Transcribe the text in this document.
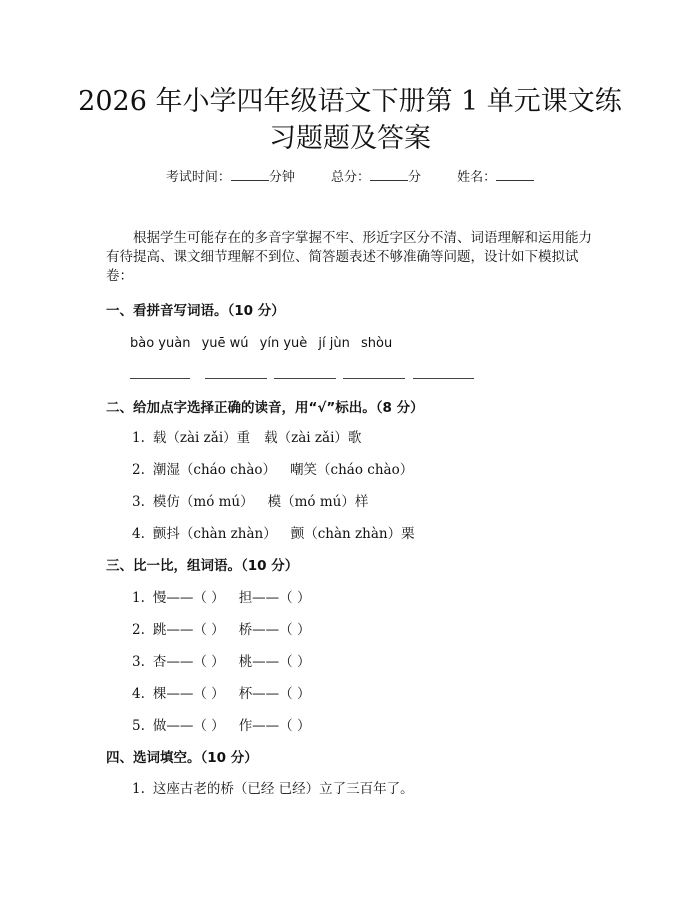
2026 年小学四年级语文下册第 1 单元课文练
习题题及答案
考试时间：	分钟	总分：	分	姓名：

根据学生可能存在的多音字掌握不牢、形近字区分不清、词语理解和运用能力有待提高、课文细节理解不到位、简答题表述不够准确等问题，设计如下模拟试卷：

一、看拼音写词语。（10 分）
bào yuàn yuē wú yín yuè jí jùn shòu
二、给加点字选择正确的读音，用“√”标出。（8 分）
1. 载（zài zǎi）重 载（zài zǎi）歌
2. 潮湿（cháo chào） 嘲笑（cháo chào）
3. 模仿（mó mú） 模（mó mú）样
4. 颤抖（chàn zhàn） 颤（chàn zhàn）栗
三、比一比，组词语。（10 分）
1. 慢——（ ） 担——（ ）
2. 跳——（ ） 桥——（ ）
3. 杏——（ ） 桃——（ ）
4. 棵——（ ） 杯——（ ）
5. 做——（ ） 作——（ ）
四、选词填空。（10 分）
1. 这座古老的桥（已经 已经）立了三百年了。
